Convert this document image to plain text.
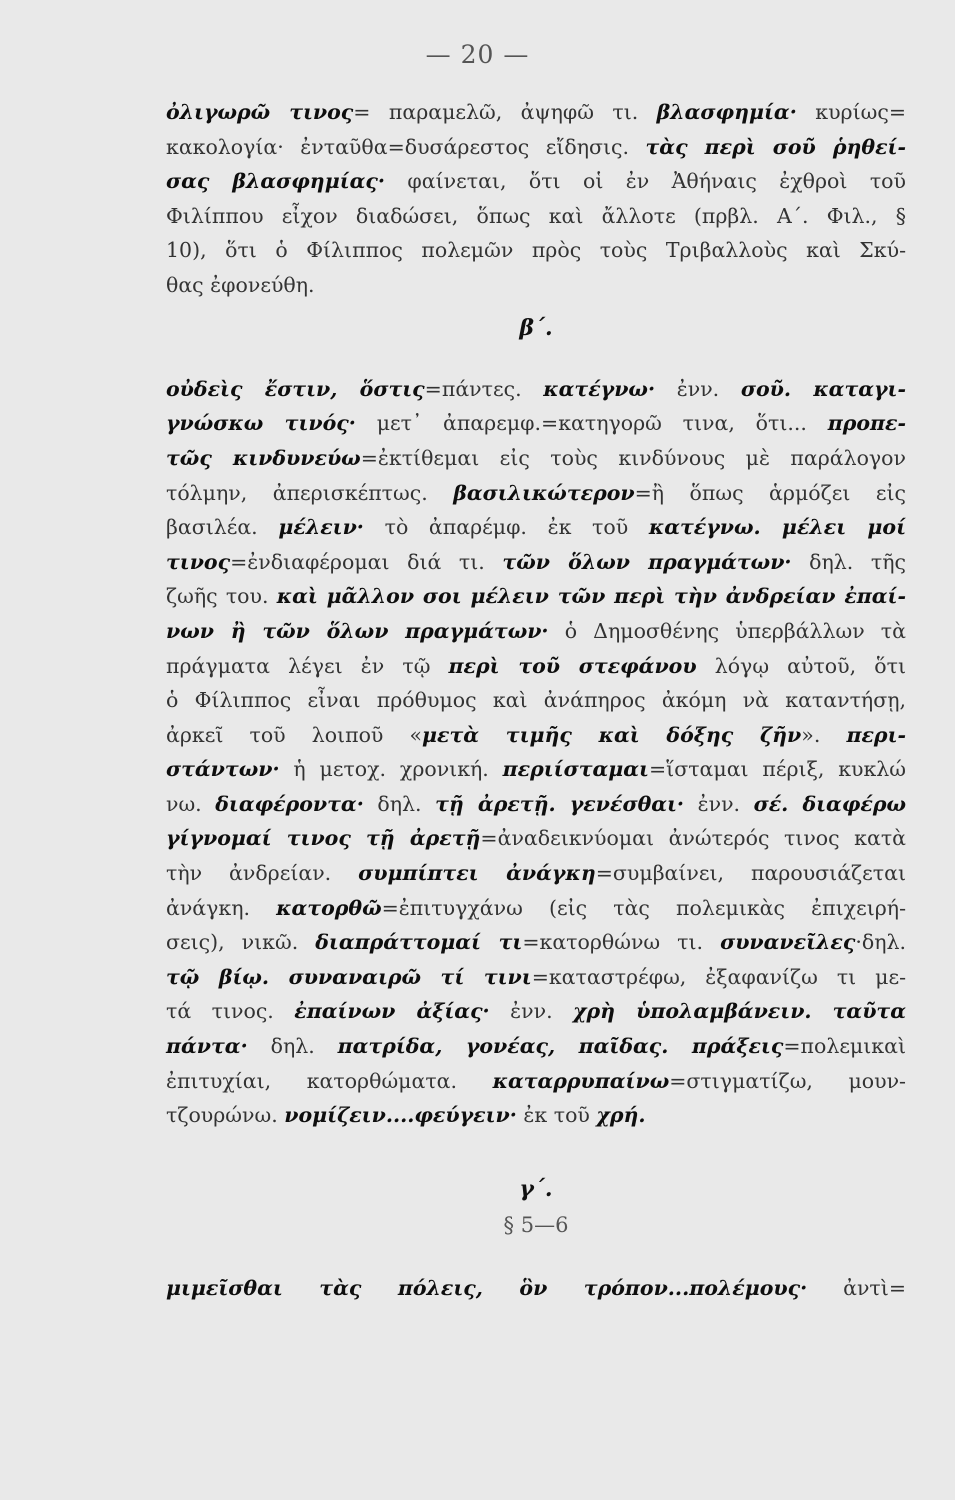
— 20 —
ὀλιγωρῶ τινος= παραμελῶ, ἀψηφῶ τι. βλασφημία· κυρίως=
κακολογία· ἐνταῦθα=δυσάρεστος εἴδησις. τὰς περὶ σοῦ ῥηθεί-
σας βλασφημίας· φαίνεται, ὅτι οἱ ἐν Ἀθήναις ἐχθροὶ τοῦ
Φιλίππου εἶχον διαδώσει, ὅπως καὶ ἄλλοτε (πρβλ. Α΄. Φιλ., §
10), ὅτι ὁ Φίλιππος πολεμῶν πρὸς τοὺς Τριβαλλοὺς καὶ Σκύ-
θας ἐφονεύθη.
β΄.
οὐδεὶς ἔστιν, ὅστις=πάντες. κατέγνω· ἐνν. σοῦ. καταγι-
γνώσκω τινός· μετ᾿ ἀπαρεμφ.=κατηγορῶ τινα, ὅτι... προπε-
τῶς κινδυνεύω=ἐκτίθεμαι εἰς τοὺς κινδύνους μὲ παράλογον
τόλμην, ἀπερισκέπτως. βασιλικώτερον=ἢ ὅπως ἁρμόζει εἰς
βασιλέα. μέλειν· τὸ ἀπαρέμφ. ἐκ τοῦ κατέγνω. μέλει μοί
τινος=ἐνδιαφέρομαι διά τι. τῶν ὅλων πραγμάτων· δηλ. τῆς
ζωῆς του. καὶ μᾶλλον σοι μέλειν τῶν περὶ τὴν ἀνδρείαν ἐπαί-
νων ἢ τῶν ὅλων πραγμάτων· ὁ Δημοσθένης ὑπερβάλλων τὰ
πράγματα λέγει ἐν τῷ περὶ τοῦ στεφάνου λόγῳ αὐτοῦ, ὅτι
ὁ Φίλιππος εἶναι πρόθυμος καὶ ἀνάπηρος ἀκόμη νὰ καταντήσῃ,
ἀρκεῖ τοῦ λοιποῦ «μετὰ τιμῆς καὶ δόξης ζῆν». περι-
στάντων· ἡ μετοχ. χρονική. περιίσταμαι=ἵσταμαι πέριξ, κυκλώ
νω. διαφέροντα· δηλ. τῇ ἀρετῇ. γενέσθαι· ἐνν. σέ. διαφέρω
γίγνομαί τινος τῇ ἀρετῇ=ἀναδεικνύομαι ἀνώτερός τινος κατὰ
τὴν ἀνδρείαν. συμπίπτει ἀνάγκη=συμβαίνει, παρουσιάζεται
ἀνάγκη. κατορθῶ=ἐπιτυγχάνω (εἰς τὰς πολεμικὰς ἐπιχειρή-
σεις), νικῶ. διαπράττομαί τι=κατορθώνω τι. συνανεῖλες·δηλ.
τῷ βίῳ. συναναιρῶ τί τινι=καταστρέφω, ἐξαφανίζω τι με-
τά τινος. ἐπαίνων ἀξίας· ἐνν. χρὴ ὑπολαμβάνειν. ταῦτα
πάντα· δηλ. πατρίδα, γονέας, παῖδας. πράξεις=πολεμικαὶ
ἐπιτυχίαι, κατορθώματα. καταρρυπαίνω=στιγματίζω, μουν-
τζουρώνω. νομίζειν....φεύγειν· ἐκ τοῦ χρή.
μιμεῖσθαι τὰς πόλεις, ὃν τρόπον...πολέμους· ἀντὶ=
γ΄.
§ 5—6
